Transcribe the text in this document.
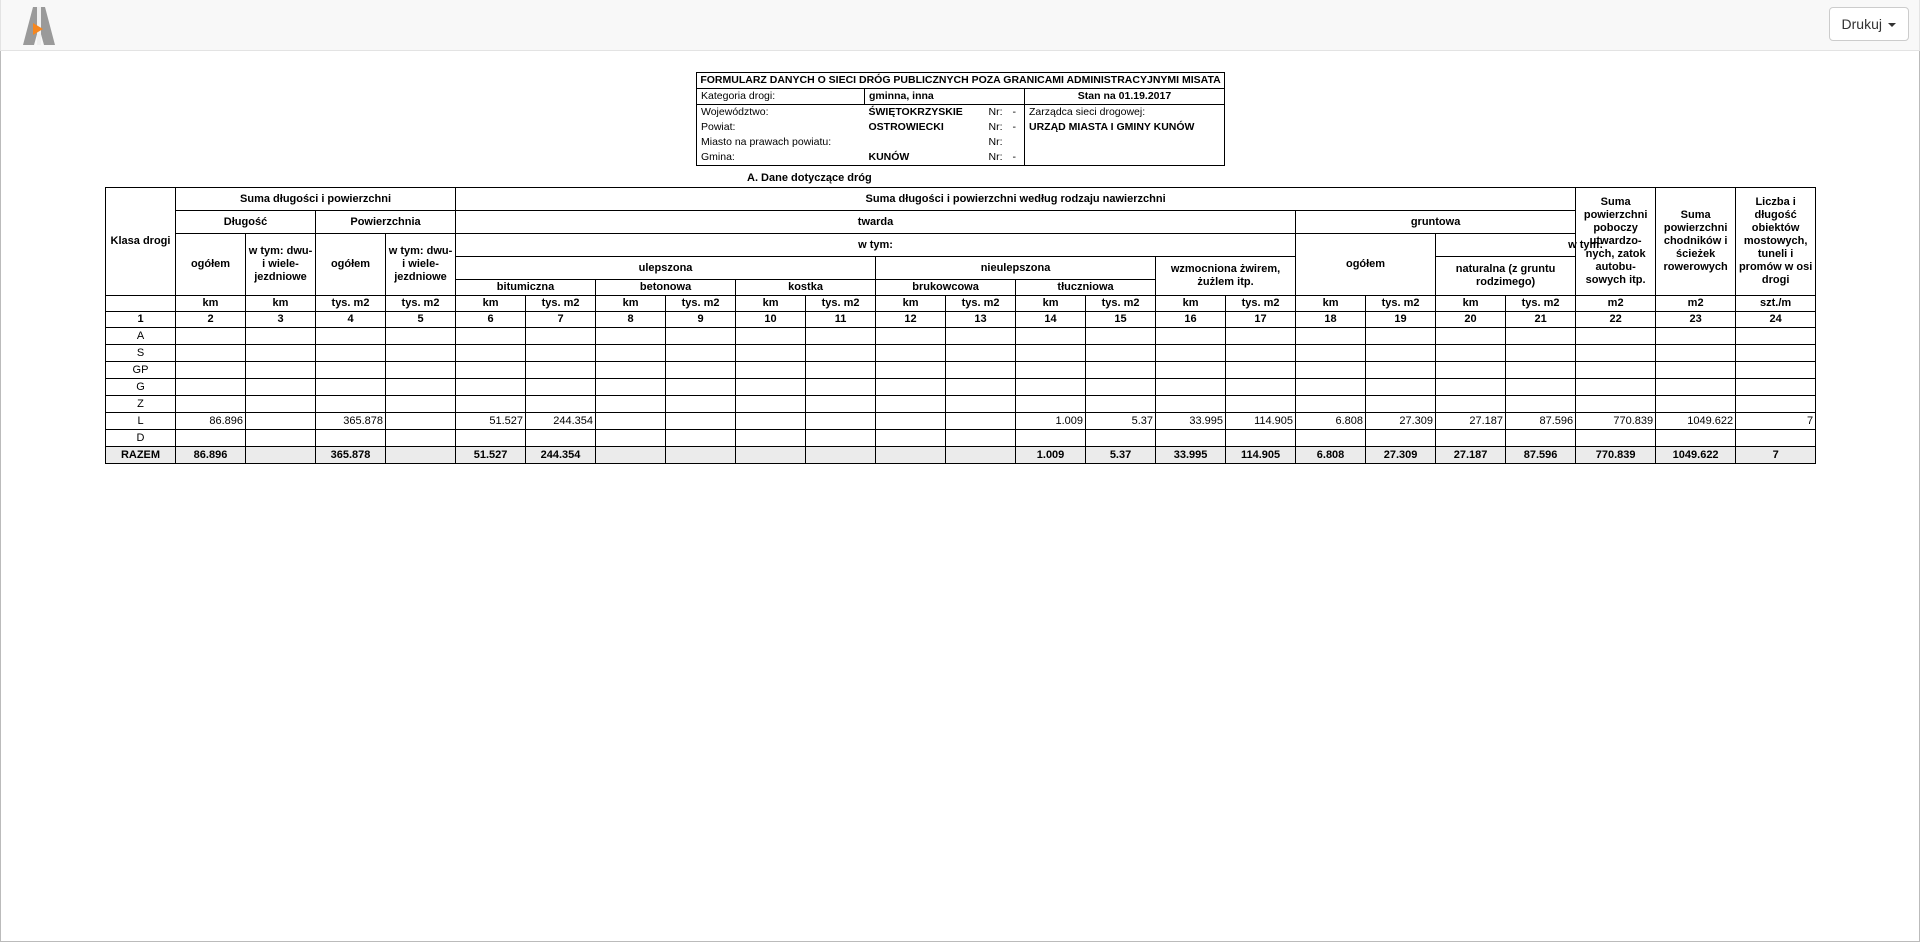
Drukuj
FORMULARZ DANYCH O SIECI DRÓG PUBLICZNYCH POZA GRANICAMI ADMINISTRACYJNYMI MISATA				
Kategoria drogi:	gminna, inna			Stan na 01.19.2017
Województwo:	ŚWIĘTOKRZYSKIE	Nr:	-	Zarządca sieci drogowej:
Powiat:	OSTROWIECKI	Nr:	-	URZĄD MIASTA I GMINY KUNÓW
Miasto na prawach powiatu:		Nr:		
Gmina:	KUNÓW	Nr:	-	
A. Dane dotyczące dróg
Klasa drogi	Suma długości i powierzchni				Suma długości i powierzchni według rodzaju nawierzchni																Suma powierzchni poboczy utwardzo-nych, zatok autobu-sowych itp.	Suma powierzchni chodników i ścieżek rowerowych	Liczba i długość obiektów mostowych, tuneli i promów w osi drogi
	Długość		Powierzchnia		twarda												gruntowa						
	ogółem	w tym: dwu- i wiele- jezdniowe	ogółem	w tym: dwu- i wiele- jezdniowe	w tym:												ogółem		w tym:				
					ulepszona						nieulepszona				wzmocniona żwirem, żużlem itp.				naturalna (z gruntu rodzimego)				
					bitumiczna		betonowa		kostka		brukowcowa		tłuczniowa										
	km	km	tys. m2	tys. m2	km	tys. m2	km	tys. m2	km	tys. m2	km	tys. m2	km	tys. m2	km	tys. m2	km	tys. m2	km	tys. m2	m2	m2	szt./m
1	2	3	4	5	6	7	8	9	10	11	12	13	14	15	16	17	18	19	20	21	22	23	24
A																							
S																							
GP																							
G																							
Z																							
L	86.896		365.878		51.527	244.354							1.009	5.37	33.995	114.905	6.808	27.309	27.187	87.596	770.839	1049.622	7
D																							
RAZEM	86.896		365.878		51.527	244.354							1.009	5.37	33.995	114.905	6.808	27.309	27.187	87.596	770.839	1049.622	7
